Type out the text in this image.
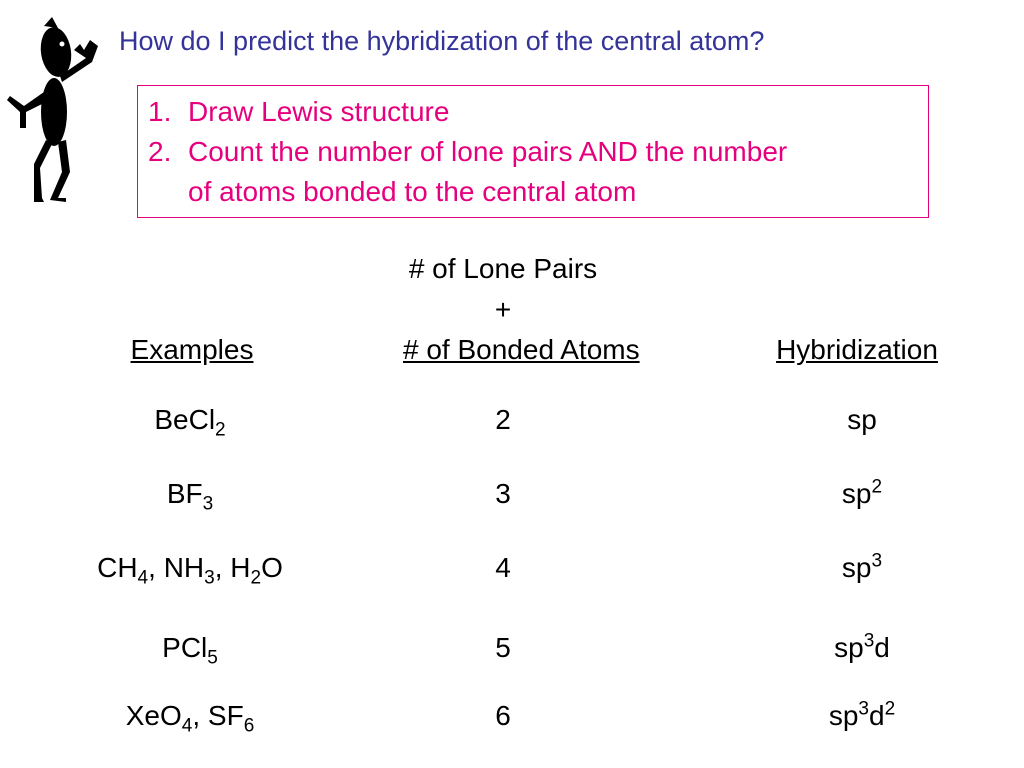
How do I predict the hybridization of the central atom?
1. Draw Lewis structure
2. Count the number of lone pairs AND the number
of atoms bonded to the central atom
# of Lone Pairs
+
Examples	# of Bonded Atoms	Hybridization
BeCl$_2$	2	sp
$BF_3$	3	$sp^2$
$CH_4$, $NH_3$, $H_2O$	4	$sp^3$
PCl$_5$	5	$sp^3d$
XeO$_4$, $SF_6$	6	$sp^3d^2$
